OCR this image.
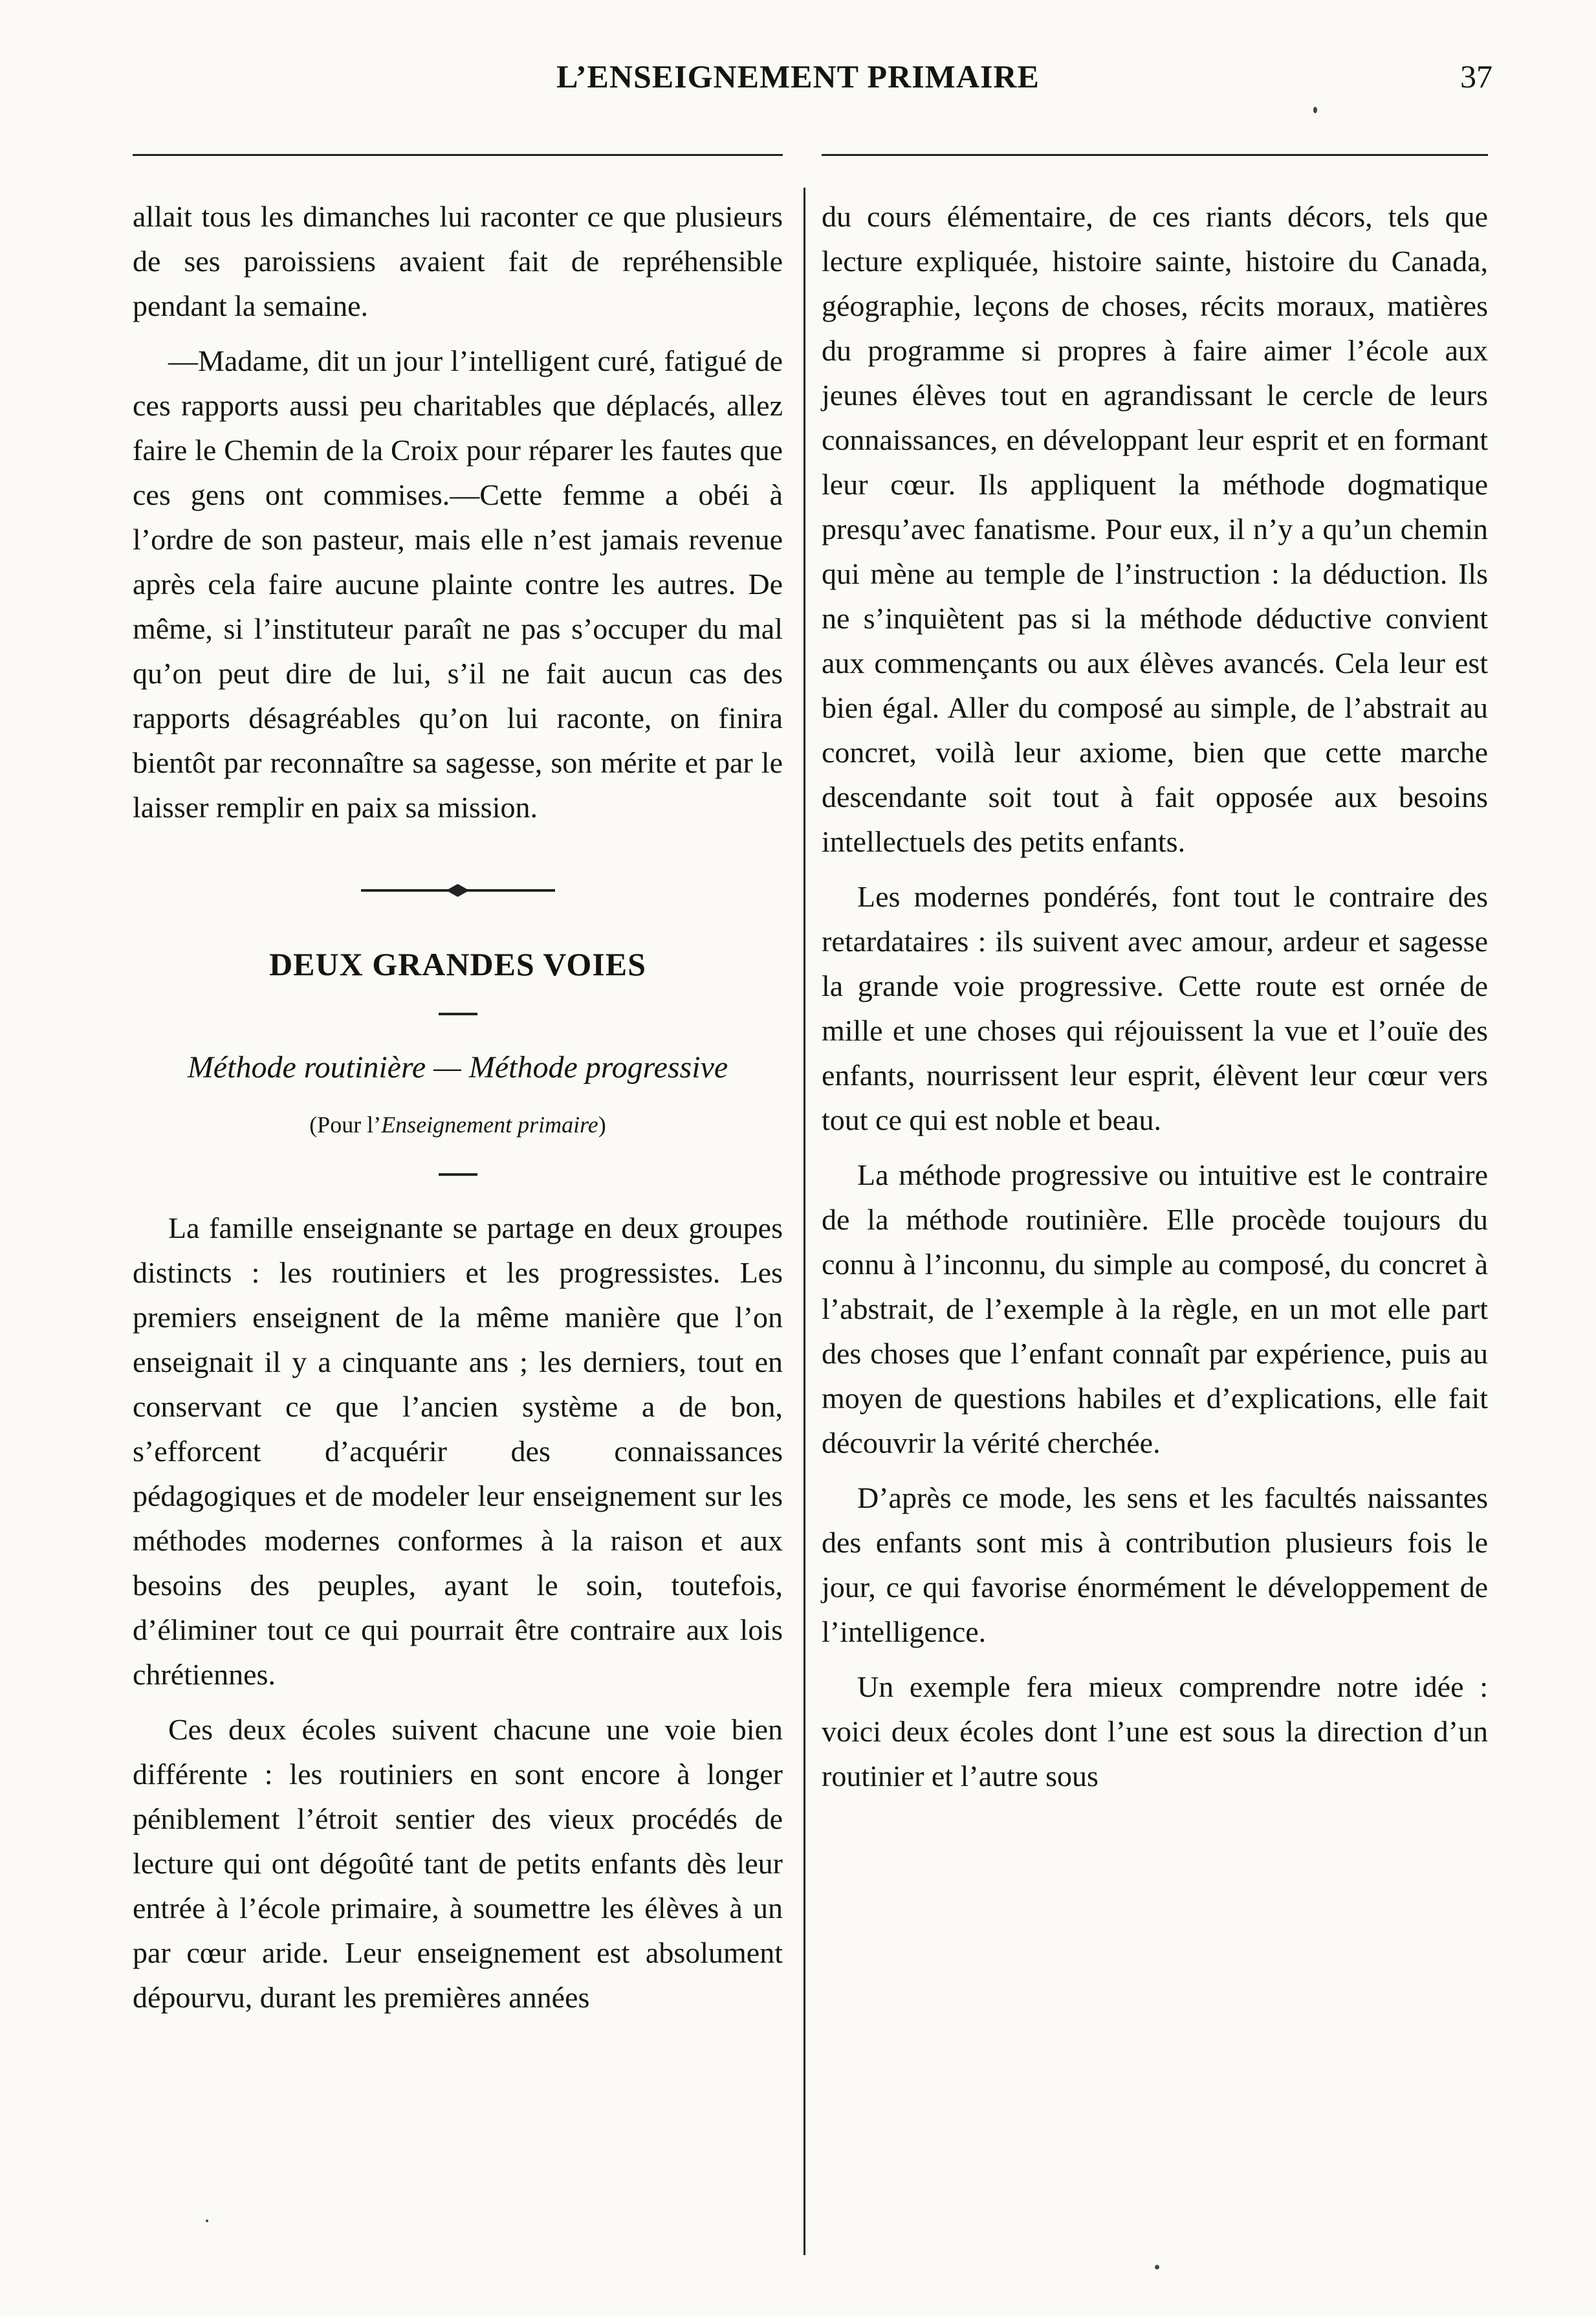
L’ENSEIGNEMENT PRIMAIRE	37

allait tous les dimanches lui raconter ce que plusieurs de ses paroissiens avaient fait de repréhensible pendant la semaine.

—Madame, dit un jour l’intelligent curé, fatigué de ces rapports aussi peu charitables que déplacés, allez faire le Chemin de la Croix pour réparer les fautes que ces gens ont commises.—Cette femme a obéi à l’ordre de son pasteur, mais elle n’est jamais revenue après cela faire aucune plainte contre les autres. De même, si l’instituteur paraît ne pas s’occuper du mal qu’on peut dire de lui, s’il ne fait aucun cas des rapports désagréables qu’on lui raconte, on finira bientôt par reconnaître sa sagesse, son mérite et par le laisser remplir en paix sa mission.

DEUX GRANDES VOIES
Méthode routinière — Méthode progressive
(Pour l’Enseignement primaire)

La famille enseignante se partage en deux groupes distincts : les routiniers et les progressistes. Les premiers enseignent de la même manière que l’on enseignait il y a cinquante ans ; les derniers, tout en conservant ce que l’ancien système a de bon, s’efforcent d’acquérir des connaissances pédagogiques et de modeler leur enseignement sur les méthodes modernes conformes à la raison et aux besoins des peuples, ayant le soin, toutefois, d’éliminer tout ce qui pourrait être contraire aux lois chrétiennes.

Ces deux écoles suivent chacune une voie bien différente : les routiniers en sont encore à longer péniblement l’étroit sentier des vieux procédés de lecture qui ont dégoûté tant de petits enfants dès leur entrée à l’école primaire, à soumettre les élèves à un par cœur aride. Leur enseignement est absolument dépourvu, durant les premières années

du cours élémentaire, de ces riants décors, tels que lecture expliquée, histoire sainte, histoire du Canada, géographie, leçons de choses, récits moraux, matières du programme si propres à faire aimer l’école aux jeunes élèves tout en agrandissant le cercle de leurs connaissances, en développant leur esprit et en formant leur cœur. Ils appliquent la méthode dogmatique presqu’avec fanatisme. Pour eux, il n’y a qu’un chemin qui mène au temple de l’instruction : la déduction. Ils ne s’inquiètent pas si la méthode déductive convient aux commençants ou aux élèves avancés. Cela leur est bien égal. Aller du composé au simple, de l’abstrait au concret, voilà leur axiome, bien que cette marche descendante soit tout à fait opposée aux besoins intellectuels des petits enfants.

Les modernes pondérés, font tout le contraire des retardataires : ils suivent avec amour, ardeur et sagesse la grande voie progressive. Cette route est ornée de mille et une choses qui réjouissent la vue et l’ouïe des enfants, nourrissent leur esprit, élèvent leur cœur vers tout ce qui est noble et beau.

La méthode progressive ou intuitive est le contraire de la méthode routinière. Elle procède toujours du connu à l’inconnu, du simple au composé, du concret à l’abstrait, de l’exemple à la règle, en un mot elle part des choses que l’enfant connaît par expérience, puis au moyen de questions habiles et d’explications, elle fait découvrir la vérité cherchée.

D’après ce mode, les sens et les facultés naissantes des enfants sont mis à contribution plusieurs fois le jour, ce qui favorise énormément le développement de l’intelligence.

Un exemple fera mieux comprendre notre idée : voici deux écoles dont l’une est sous la direction d’un routinier et l’autre sous
